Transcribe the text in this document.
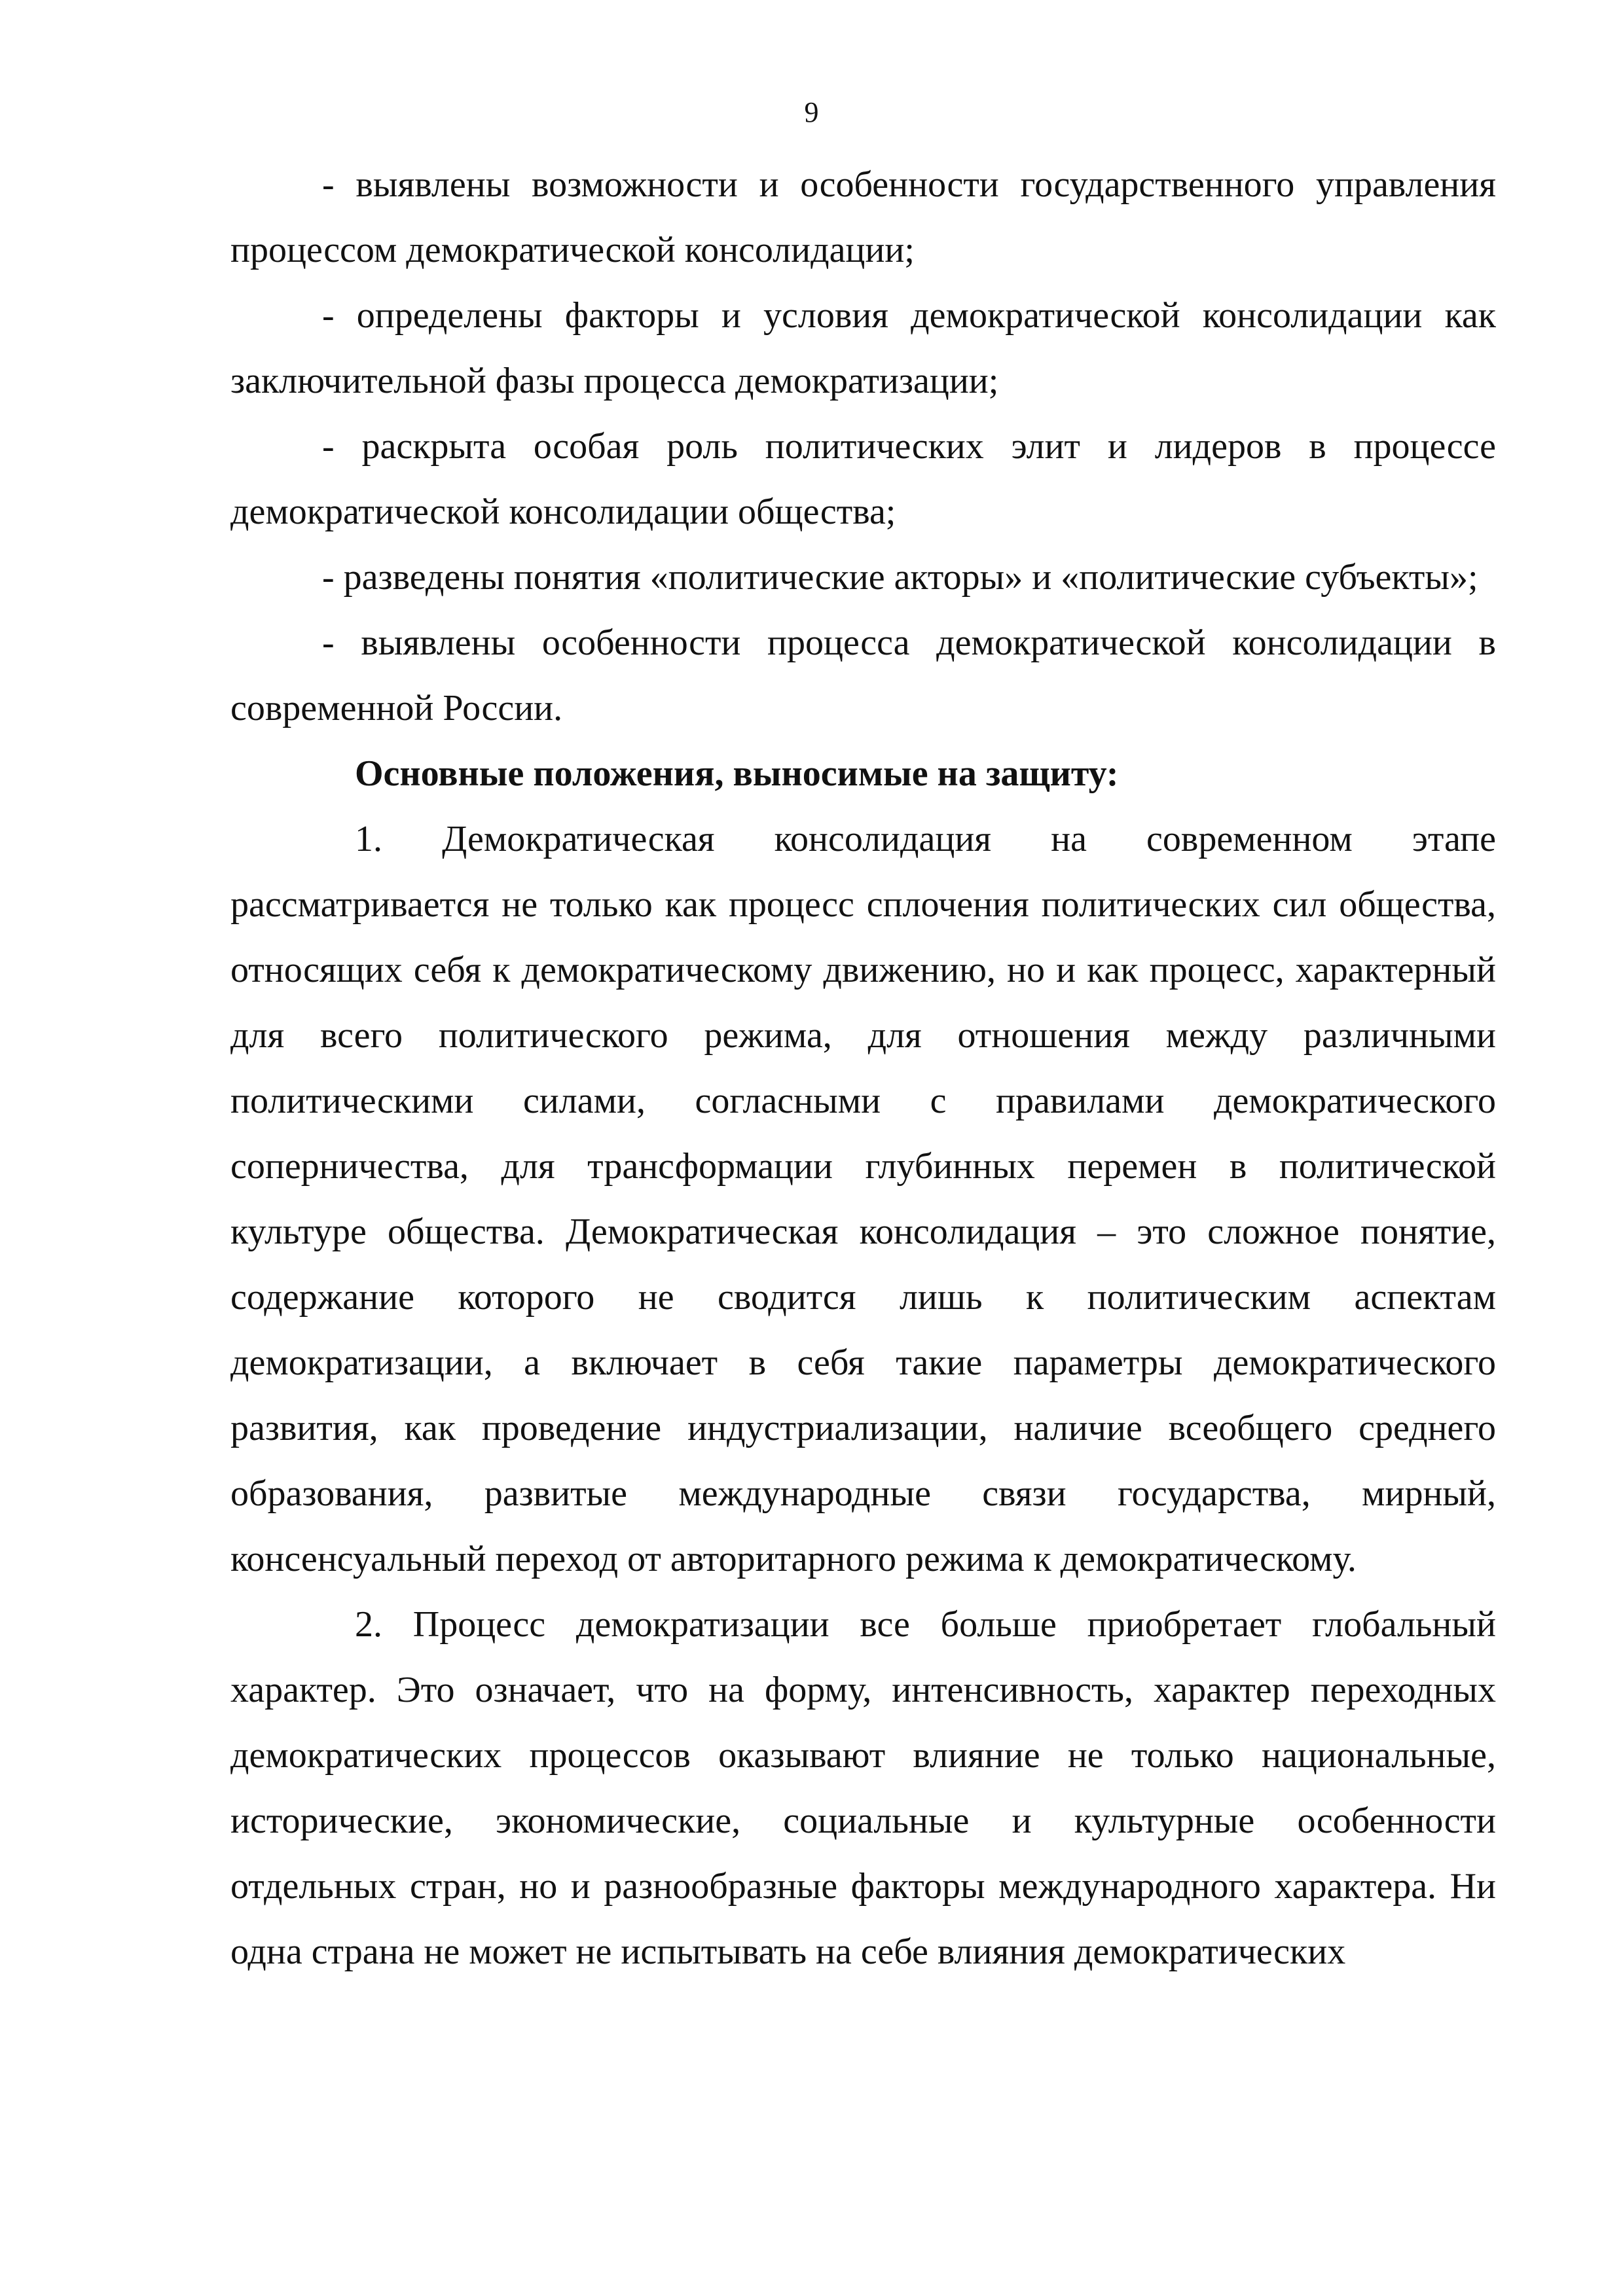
9

- выявлены возможности и особенности государственного управления процессом демократической консолидации;

- определены факторы и условия демократической консолидации как заключительной фазы процесса демократизации;

- раскрыта особая роль политических элит и лидеров в процессе демократической консолидации общества;

- разведены понятия «политические акторы» и «политические субъекты»;

- выявлены особенности процесса демократической консолидации в современной России.

Основные положения, выносимые на защиту:

1. Демократическая консолидация на современном этапе рассматривается не только как процесс сплочения политических сил общества, относящих себя к демократическому движению, но и как процесс, характерный для всего политического режима, для отношения между различными политическими силами, согласными с правилами демократического соперничества, для трансформации глубинных перемен в политической культуре общества. Демократическая консолидация – это сложное понятие, содержание которого не сводится лишь к политическим аспектам демократизации, а включает в себя такие параметры демократического развития, как проведение индустриализации, наличие всеобщего среднего образования, развитые международные связи государства, мирный, консенсуальный переход от авторитарного режима к демократическому.

2. Процесс демократизации все больше приобретает глобальный характер. Это означает, что на форму, интенсивность, характер переходных демократических процессов оказывают влияние не только национальные, исторические, экономические, социальные и культурные особенности отдельных стран, но и разнообразные факторы международного характера. Ни одна страна не может не испытывать на себе влияния демократических
